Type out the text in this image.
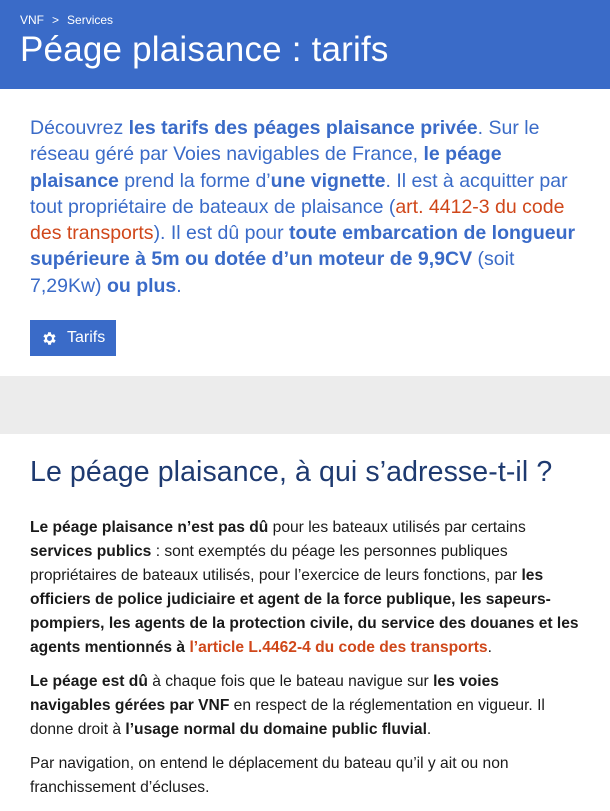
VNF > Services
Péage plaisance : tarifs

Découvrez les tarifs des péages plaisance privée. Sur le réseau géré par Voies navigables de France, le péage plaisance prend la forme d’une vignette. Il est à acquitter par tout propriétaire de bateaux de plaisance (art. 4412-3 du code des transports). Il est dû pour toute embarcation de longueur supérieure à 5m ou dotée d’un moteur de 9,9CV (soit 7,29Kw) ou plus.

Tarifs
Le péage plaisance, à qui s’adresse-t-il ?

Le péage plaisance n’est pas dû pour les bateaux utilisés par certains services publics : sont exemptés du péage les personnes publiques propriétaires de bateaux utilisés, pour l’exercice de leurs fonctions, par les officiers de police judiciaire et agent de la force publique, les sapeurs-pompiers, les agents de la protection civile, du service des douanes et les agents mentionnés à l’article L.4462-4 du code des transports.

Le péage est dû à chaque fois que le bateau navigue sur les voies navigables gérées par VNF en respect de la réglementation en vigueur. Il donne droit à l’usage normal du domaine public fluvial.

Par navigation, on entend le déplacement du bateau qu’il y ait ou non franchissement d’écluses.
